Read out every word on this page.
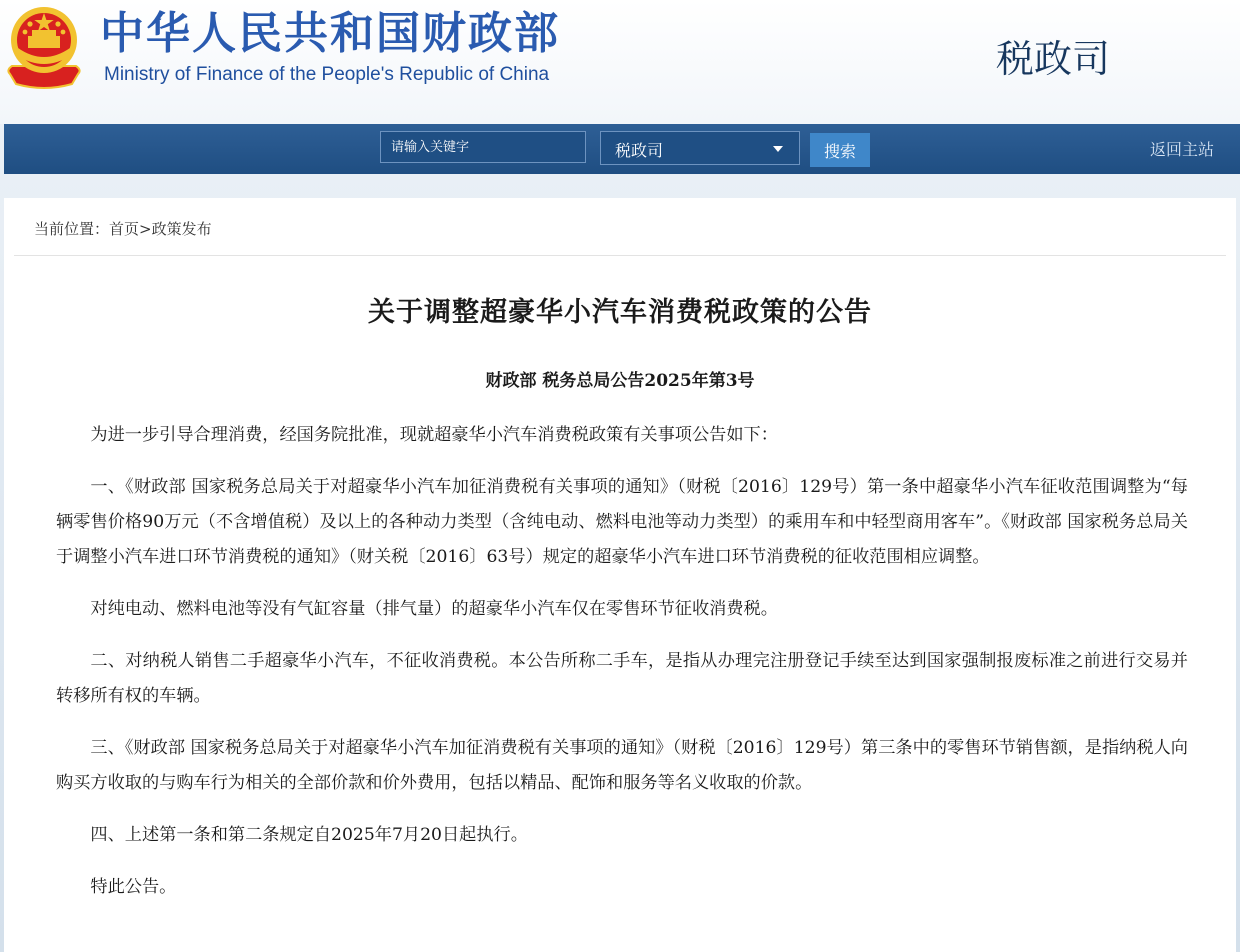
中华人民共和国财政部
Ministry of Finance of the People's Republic of China	税政司
请输入关键字
税政司	搜索	返回主站
当前位置：首页>政策发布
关于调整超豪华小汽车消费税政策的公告
财政部 税务总局公告2025年第3号

为进一步引导合理消费，经国务院批准，现就超豪华小汽车消费税政策有关事项公告如下：

一、《财政部 国家税务总局关于对超豪华小汽车加征消费税有关事项的通知》（财税〔2016〕129号）第一条中超豪华小汽车征收范围调整为“每辆零售价格90万元（不含增值税）及以上的各种动力类型（含纯电动、燃料电池等动力类型）的乘用车和中轻型商用客车”。《财政部 国家税务总局关于调整小汽车进口环节消费税的通知》（财关税〔2016〕63号）规定的超豪华小汽车进口环节消费税的征收范围相应调整。

对纯电动、燃料电池等没有气缸容量（排气量）的超豪华小汽车仅在零售环节征收消费税。

二、对纳税人销售二手超豪华小汽车，不征收消费税。本公告所称二手车，是指从办理完注册登记手续至达到国家强制报废标准之前进行交易并转移所有权的车辆。

三、《财政部 国家税务总局关于对超豪华小汽车加征消费税有关事项的通知》（财税〔2016〕129号）第三条中的零售环节销售额，是指纳税人向购买方收取的与购车行为相关的全部价款和价外费用，包括以精品、配饰和服务等名义收取的价款。

四、上述第一条和第二条规定自2025年7月20日起执行。

特此公告。
